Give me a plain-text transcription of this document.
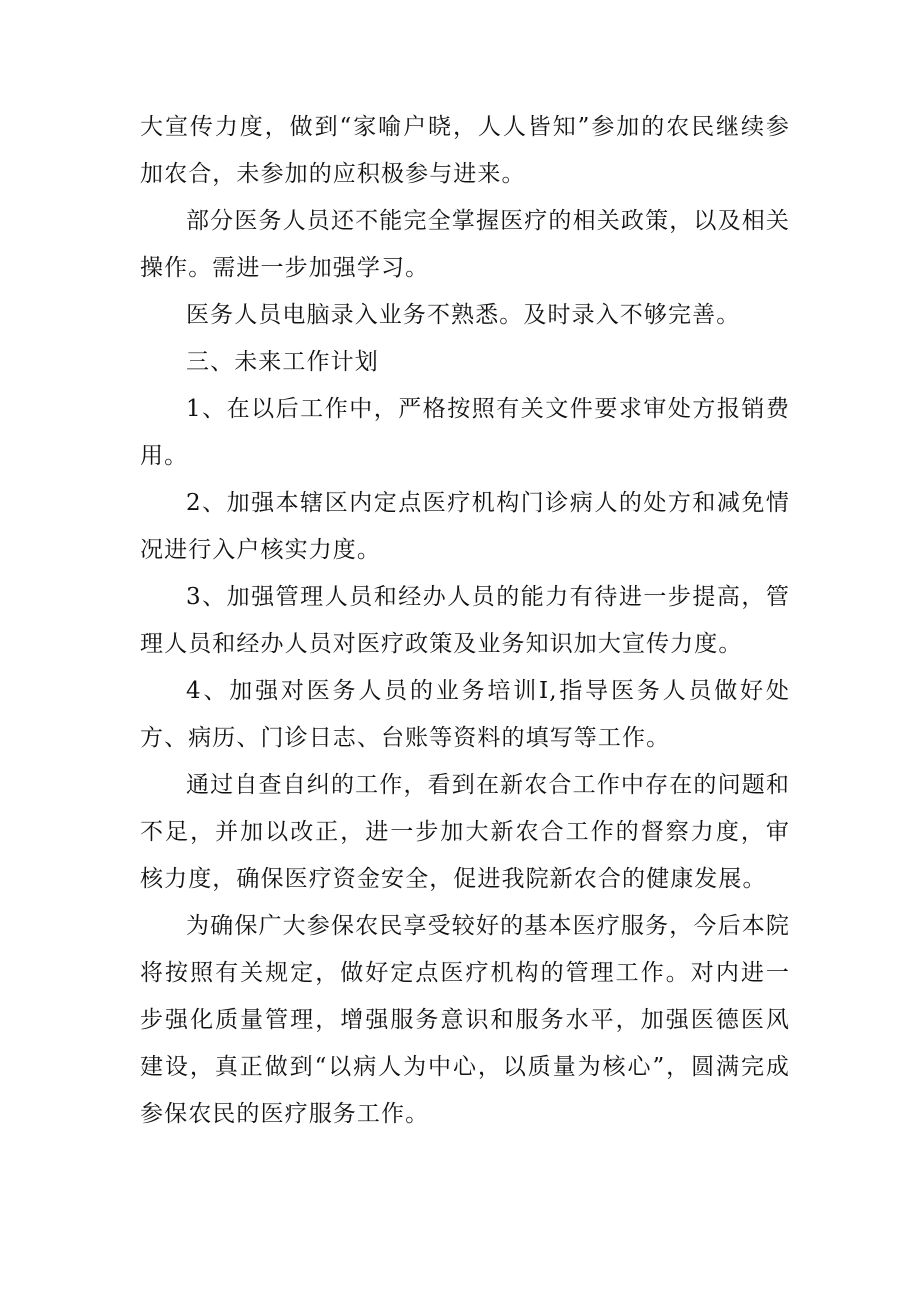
大宣传力度，做到“家喻户晓，人人皆知”参加的农民继续参加农合，未参加的应积极参与进来。

部分医务人员还不能完全掌握医疗的相关政策，以及相关操作。需进一步加强学习。

医务人员电脑录入业务不熟悉。及时录入不够完善。

三、未来工作计划

1、在以后工作中，严格按照有关文件要求审处方报销费用。

2、加强本辖区内定点医疗机构门诊病人的处方和减免情况进行入户核实力度。

3、加强管理人员和经办人员的能力有待进一步提高，管理人员和经办人员对医疗政策及业务知识加大宣传力度。

4、加强对医务人员的业务培训I,指导医务人员做好处方、病历、门诊日志、台账等资料的填写等工作。

通过自查自纠的工作，看到在新农合工作中存在的问题和不足，并加以改正，进一步加大新农合工作的督察力度，审核力度，确保医疗资金安全，促进我院新农合的健康发展。

为确保广大参保农民享受较好的基本医疗服务，今后本院将按照有关规定，做好定点医疗机构的管理工作。对内进一步强化质量管理，增强服务意识和服务水平，加强医德医风建设，真正做到“以病人为中心，以质量为核心”，圆满完成参保农民的医疗服务工作。
